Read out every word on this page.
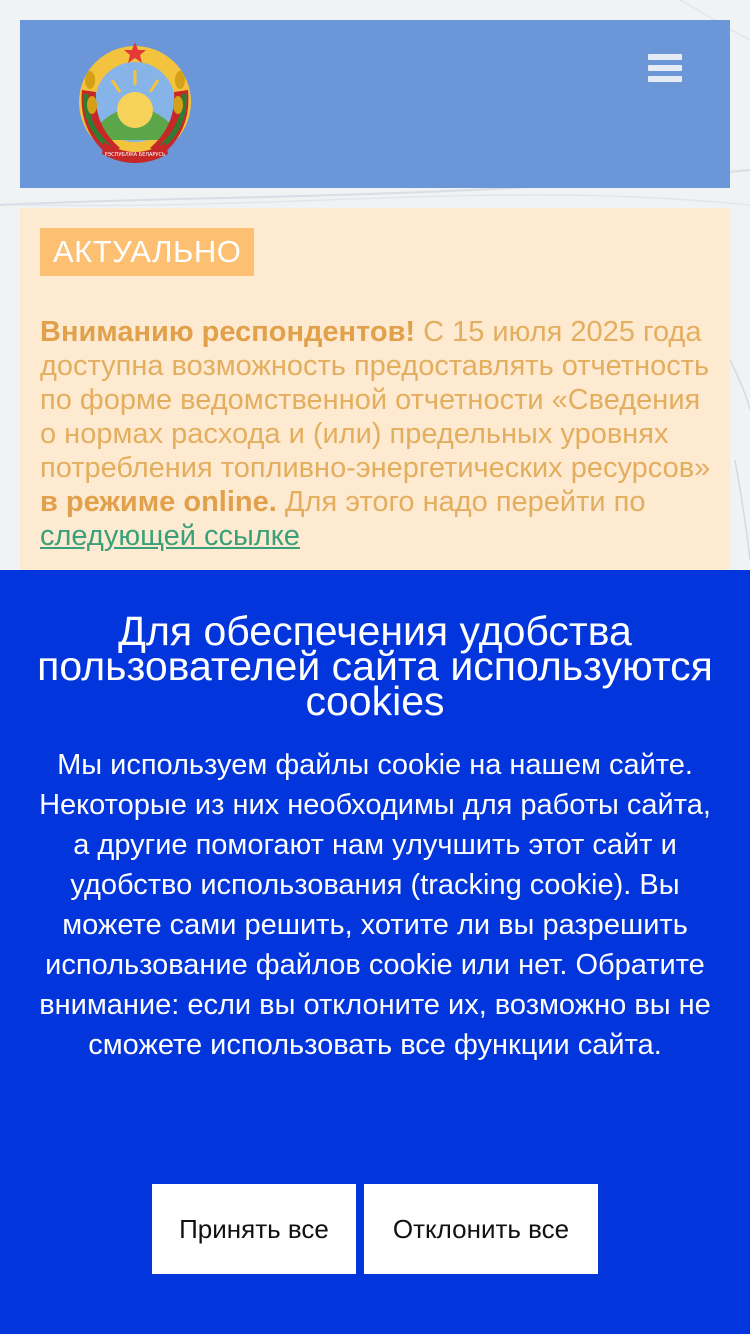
РЭСПУБЛІКА БЕЛАРУСЬ
АКТУАЛЬНО
Вниманию респондентов! С 15 июля 2025 года доступна возможность предоставлять отчетность по форме ведомственной отчетности «Сведения о нормах расхода и (или) предельных уровнях потребления топливно-энергетических ресурсов» в режиме online. Для этого надо перейти по следующей ссылке
Для обеспечения удобства пользователей сайта используются cookies

Мы используем файлы cookie на нашем сайте. Некоторые из них необходимы для работы сайта, а другие помогают нам улучшить этот сайт и удобство использования (tracking cookie). Вы можете сами решить, хотите ли вы разрешить использование файлов cookie или нет. Обратите внимание: если вы отклоните их, возможно вы не сможете использовать все функции сайта.

Принять все	Отклонить все
